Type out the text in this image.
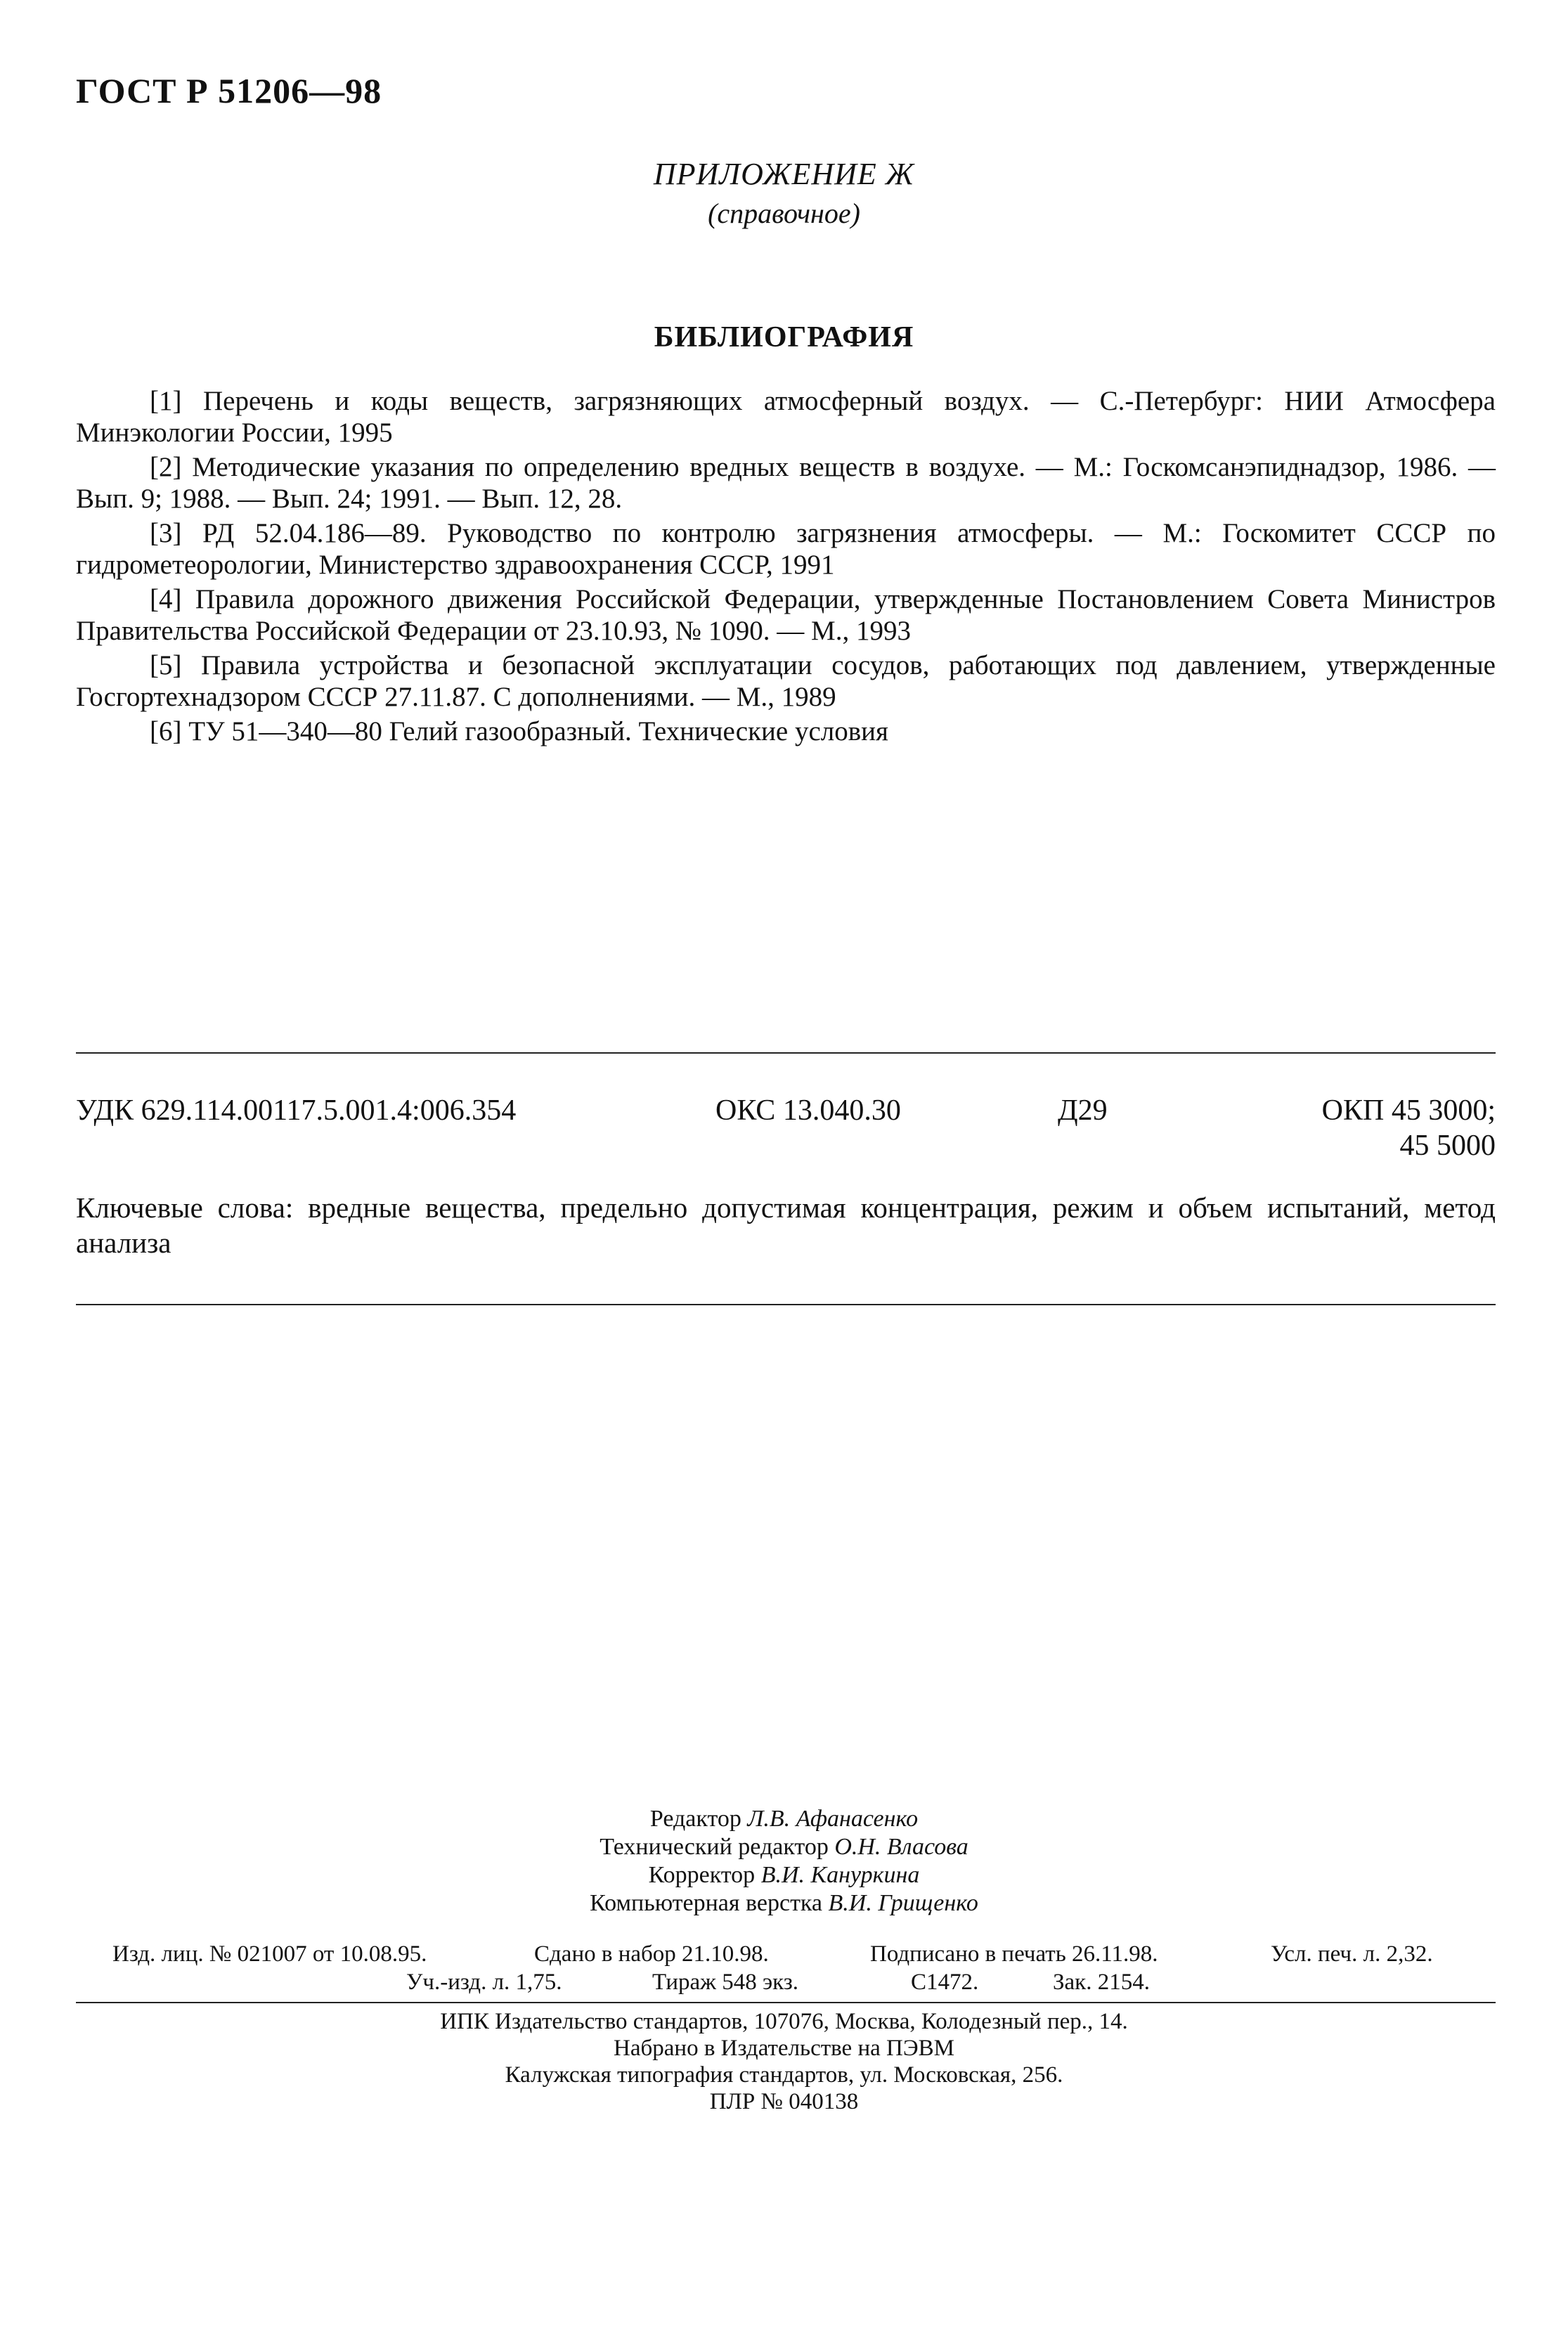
ГОСТ Р 51206—98
ПРИЛОЖЕНИЕ Ж
(справочное)
БИБЛИОГРАФИЯ

[1] Перечень и коды веществ, загрязняющих атмосферный воздух. — С.-Петербург: НИИ Атмосфера Минэкологии России, 1995

[2] Методические указания по определению вредных веществ в воздухе. — М.: Госкомсанэпиднадзор, 1986. — Вып. 9; 1988. — Вып. 24; 1991. — Вып. 12, 28.

[3] РД 52.04.186—89. Руководство по контролю загрязнения атмосферы. — М.: Госкомитет СССР по гидрометеорологии, Министерство здравоохранения СССР, 1991

[4] Правила дорожного движения Российской Федерации, утвержденные Постановлением Совета Министров Правительства Российской Федерации от 23.10.93, № 1090. — М., 1993

[5] Правила устройства и безопасной эксплуатации сосудов, работающих под давлением, утвержденные Госгортехнадзором СССР 27.11.87. С дополнениями. — М., 1989

[6] ТУ 51—340—80 Гелий газообразный. Технические условия

УДК 629.114.00117.5.001.4:006.354	ОКС 13.040.30	Д29	ОКП 45 3000;
45 5000
Ключевые слова: вредные вещества, предельно допустимая концентрация, режим и объем испытаний, метод анализа
Редактор Л.В. Афанасенко
Технический редактор О.Н. Власова
Корректор В.И. Кануркина
Компьютерная верстка В.И. Грищенко
Изд. лиц. № 021007 от 10.08.95.	Сдано в набор 21.10.98.	Подписано в печать 26.11.98.	Усл. печ. л. 2,32.
Уч.-изд. л. 1,75.	Тираж 548 экз.	С1472.	Зак. 2154.
ИПК Издательство стандартов, 107076, Москва, Колодезный пер., 14.
Набрано в Издательстве на ПЭВМ
Калужская типография стандартов, ул. Московская, 256.
ПЛР № 040138
